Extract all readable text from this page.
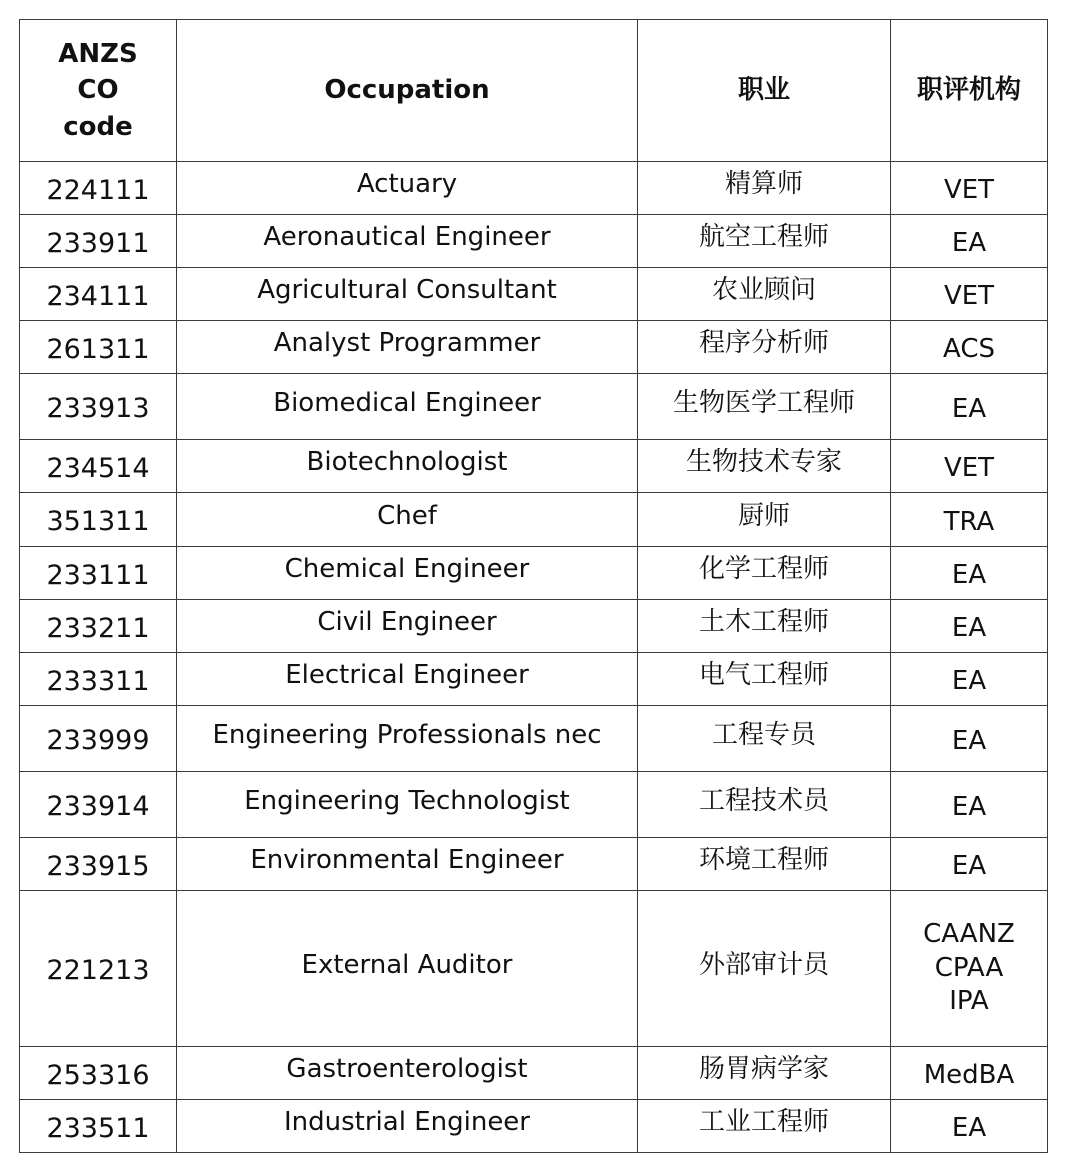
ANZS
CO
code	Occupation	职业	职评机构
224111	Actuary	精算师	VET
233911	Aeronautical Engineer	航空工程师	EA
234111	Agricultural Consultant	农业顾问	VET
261311	Analyst Programmer	程序分析师	ACS
233913	Biomedical Engineer	生物医学工程师	EA
234514	Biotechnologist	生物技术专家	VET
351311	Chef	厨师	TRA
233111	Chemical Engineer	化学工程师	EA
233211	Civil Engineer	土木工程师	EA
233311	Electrical Engineer	电气工程师	EA
233999	Engineering Professionals nec	工程专员	EA
233914	Engineering Technologist	工程技术员	EA
233915	Environmental Engineer	环境工程师	EA
221213	External Auditor	外部审计员	CAANZ
CPAA
IPA
253316	Gastroenterologist	肠胃病学家	MedBA
233511	Industrial Engineer	工业工程师	EA
